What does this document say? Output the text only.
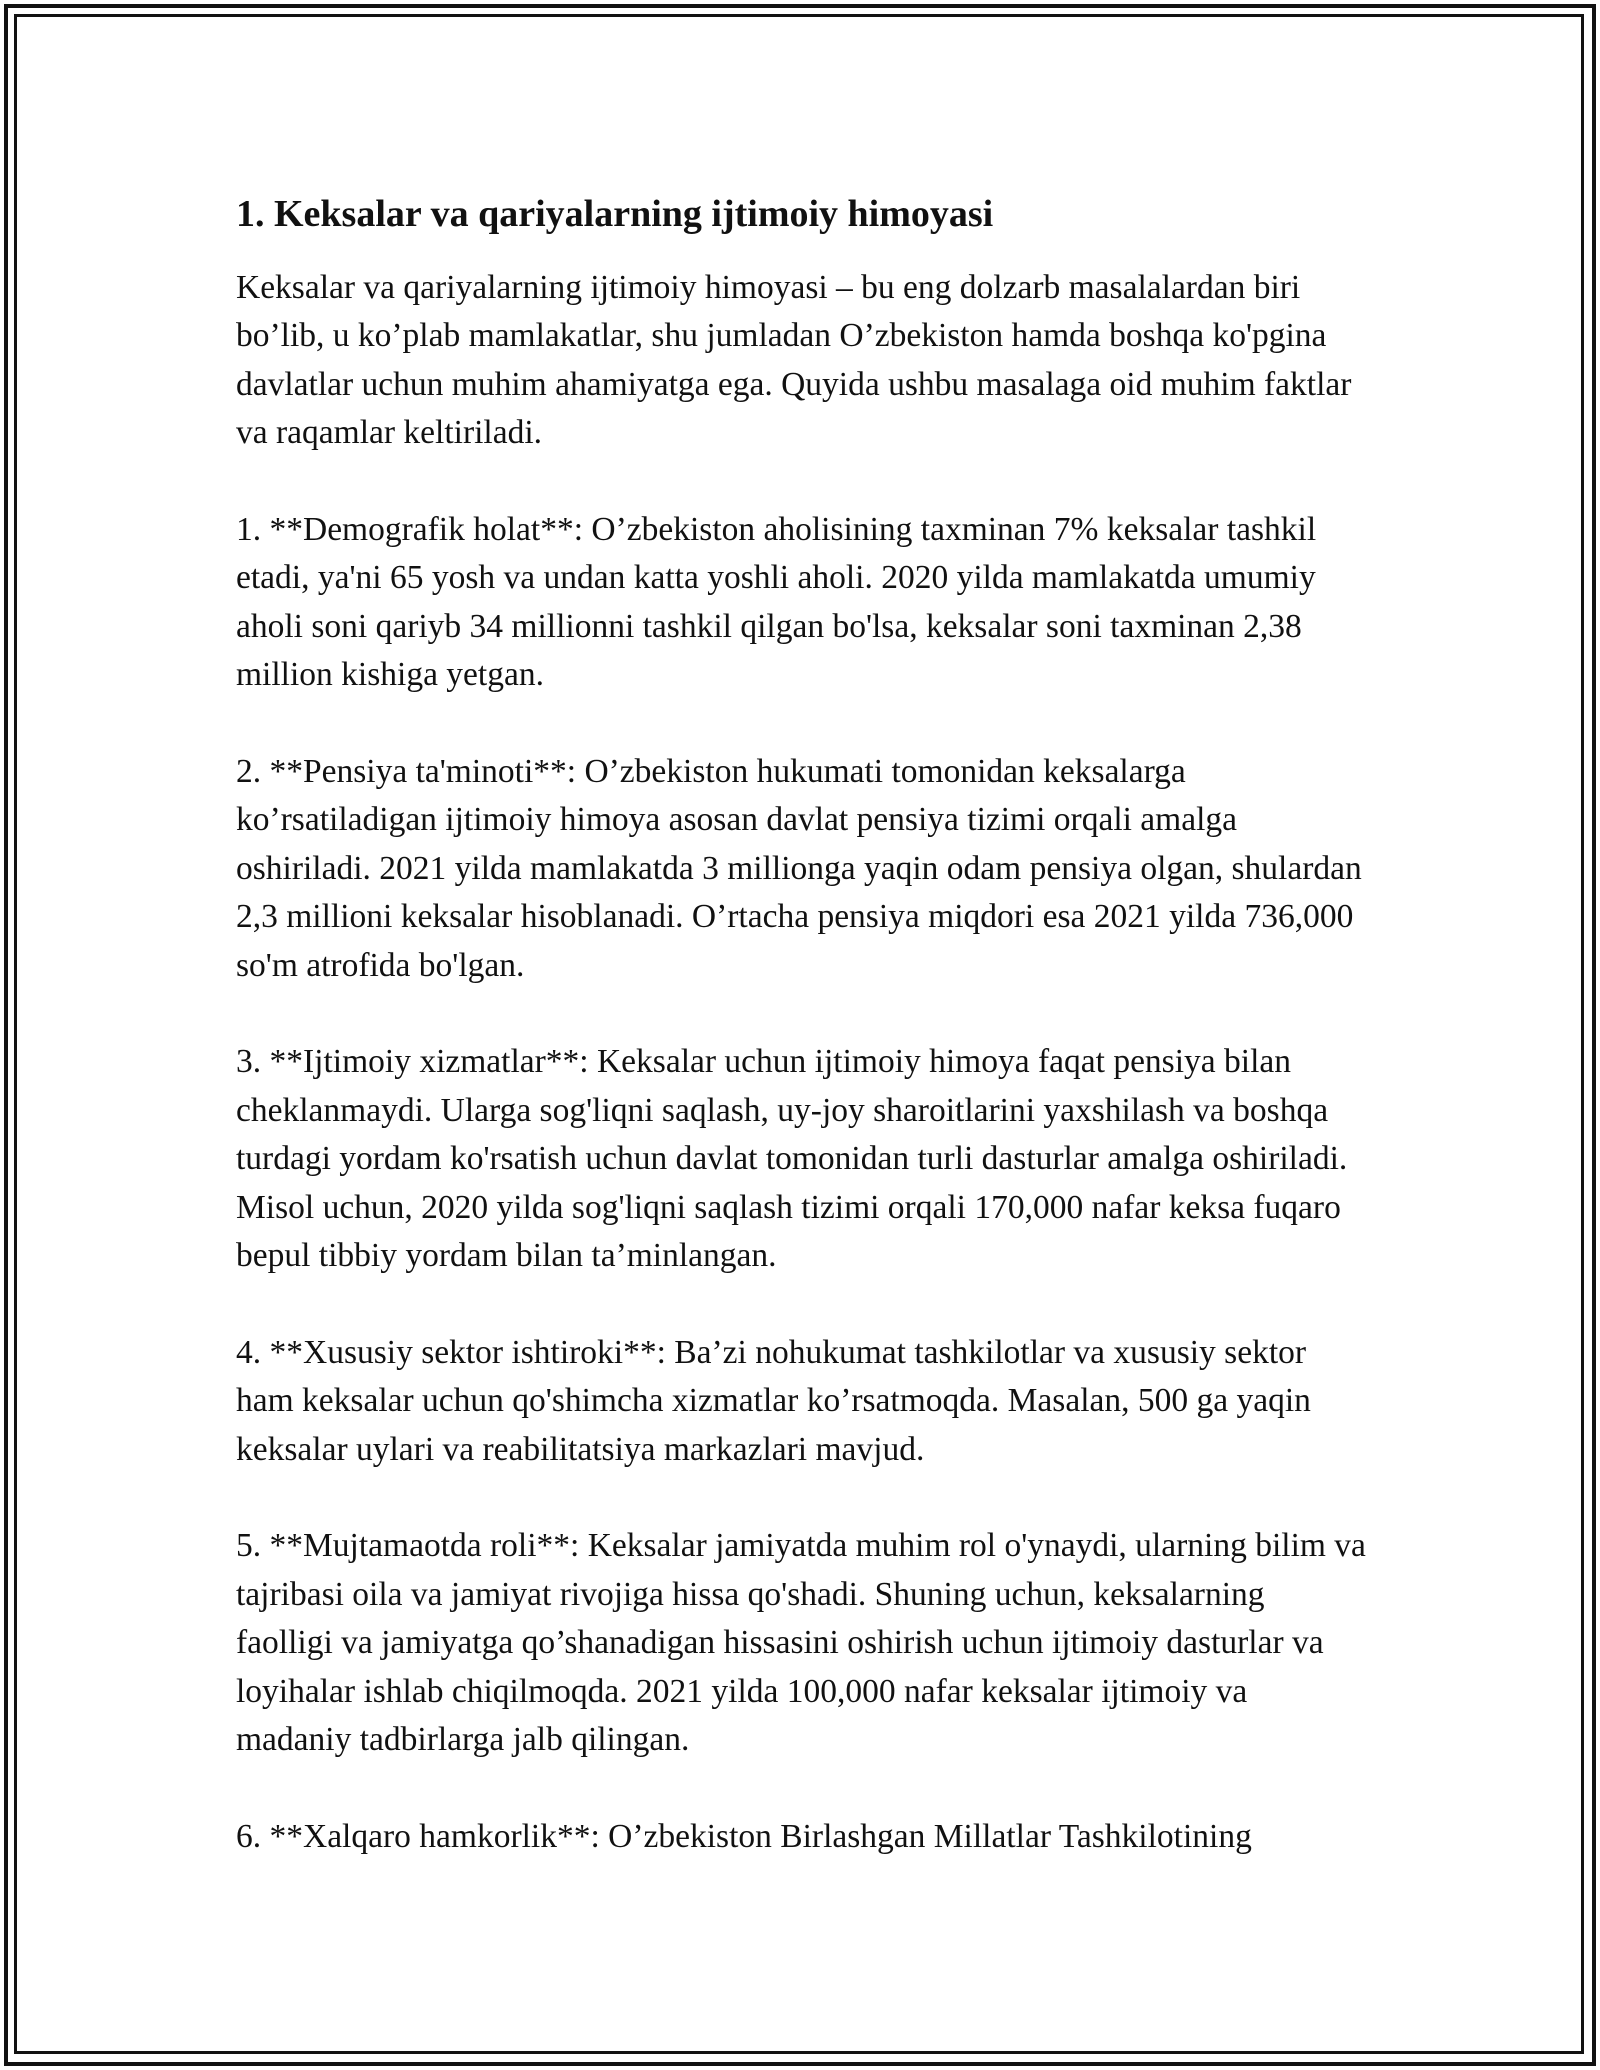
1. Keksalar va qariyalarning ijtimoiy himoyasi

Keksalar va qariyalarning ijtimoiy himoyasi – bu eng dolzarb masalalardan biri bo’lib, u ko’plab mamlakatlar, shu jumladan O’zbekiston hamda boshqa ko'pgina davlatlar uchun muhim ahamiyatga ega. Quyida ushbu masalaga oid muhim faktlar va raqamlar keltiriladi.

1. **Demografik holat**: O’zbekiston aholisining taxminan 7% keksalar tashkil etadi, ya'ni 65 yosh va undan katta yoshli aholi. 2020 yilda mamlakatda umumiy aholi soni qariyb 34 millionni tashkil qilgan bo'lsa, keksalar soni taxminan 2,38 million kishiga yetgan.

2. **Pensiya ta'minoti**: O’zbekiston hukumati tomonidan keksalarga ko’rsatiladigan ijtimoiy himoya asosan davlat pensiya tizimi orqali amalga oshiriladi. 2021 yilda mamlakatda 3 millionga yaqin odam pensiya olgan, shulardan 2,3 millioni keksalar hisoblanadi. O’rtacha pensiya miqdori esa 2021 yilda 736,000 so'm atrofida bo'lgan.

3. **Ijtimoiy xizmatlar**: Keksalar uchun ijtimoiy himoya faqat pensiya bilan cheklanmaydi. Ularga sog'liqni saqlash, uy-joy sharoitlarini yaxshilash va boshqa turdagi yordam ko'rsatish uchun davlat tomonidan turli dasturlar amalga oshiriladi. Misol uchun, 2020 yilda sog'liqni saqlash tizimi orqali 170,000 nafar keksa fuqaro bepul tibbiy yordam bilan ta’minlangan.

4. **Xususiy sektor ishtiroki**: Ba’zi nohukumat tashkilotlar va xususiy sektor ham keksalar uchun qo'shimcha xizmatlar ko’rsatmoqda. Masalan, 500 ga yaqin keksalar uylari va reabilitatsiya markazlari mavjud.

5. **Mujtamaotda roli**: Keksalar jamiyatda muhim rol o'ynaydi, ularning bilim va tajribasi oila va jamiyat rivojiga hissa qo'shadi. Shuning uchun, keksalarning faolligi va jamiyatga qo’shanadigan hissasini oshirish uchun ijtimoiy dasturlar va loyihalar ishlab chiqilmoqda. 2021 yilda 100,000 nafar keksalar ijtimoiy va madaniy tadbirlarga jalb qilingan.

6. **Xalqaro hamkorlik**: O’zbekiston Birlashgan Millatlar Tashkilotining
